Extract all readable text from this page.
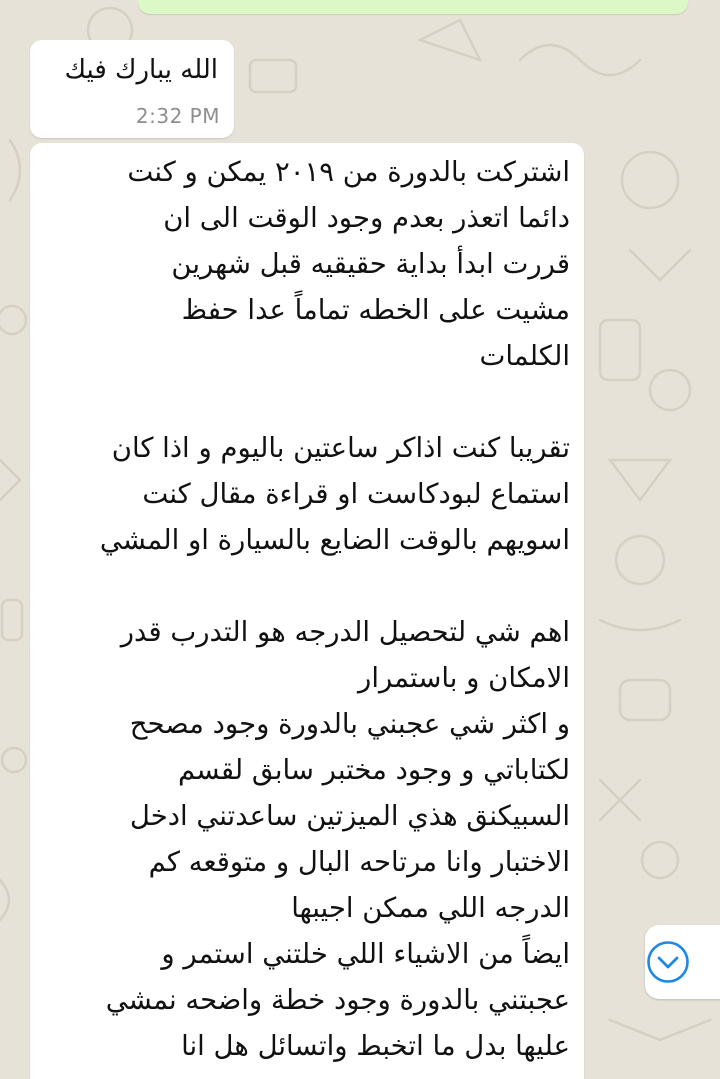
الله يبارك فيك
2:32 PM
اشتركت بالدورة من ٢٠١٩ يمكن و كنت
دائما اتعذر بعدم وجود الوقت الى ان
قررت ابدأ بداية حقيقيه قبل شهرين
مشيت على الخطه تماماً عدا حفظ
الكلمات

تقريبا كنت اذاكر ساعتين باليوم و اذا كان
استماع لبودكاست او قراءة مقال كنت
اسويهم بالوقت الضايع بالسيارة او المشي

اهم شي لتحصيل الدرجه هو التدرب قدر
الامكان و باستمرار
و اكثر شي عجبني بالدورة وجود مصحح
لكتاباتي و وجود مختبر سابق لقسم
السبيكنق هذي الميزتين ساعدتني ادخل
الاختبار وانا مرتاحه البال و متوقعه كم
الدرجه اللي ممكن اجيبها
ايضاً من الاشياء اللي خلتني استمر و
عجبتني بالدورة وجود خطة واضحه نمشي
عليها بدل ما اتخبط واتسائل هل انا
